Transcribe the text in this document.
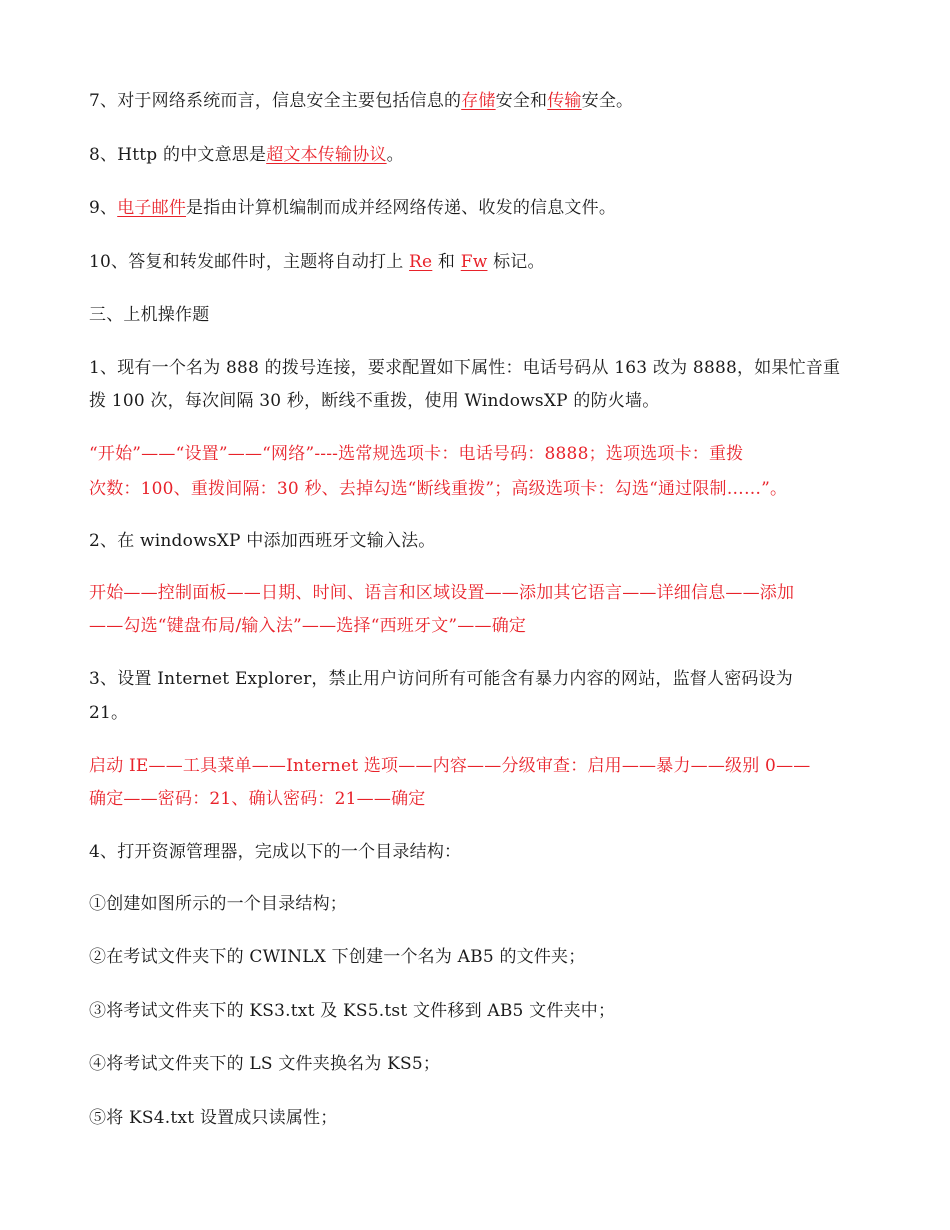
7、对于网络系统而言，信息安全主要包括信息的存储安全和传输安全。
8、Http 的中文意思是超文本传输协议。
9、电子邮件是指由计算机编制而成并经网络传递、收发的信息文件。
10、答复和转发邮件时，主题将自动打上 Re 和 Fw 标记。
三、上机操作题
1、现有一个名为 888 的拨号连接，要求配置如下属性：电话号码从 163 改为 8888，如果忙音重
拨 100 次，每次间隔 30 秒，断线不重拨，使用 WindowsXP 的防火墙。
“开始”——“设置”——“网络”----选常规选项卡：电话号码：8888；选项选项卡：重拨
次数：100、重拨间隔：30 秒、去掉勾选“断线重拨”；高级选项卡：勾选“通过限制……”。
2、在 windowsXP 中添加西班牙文输入法。
开始——控制面板——日期、时间、语言和区域设置——添加其它语言——详细信息——添加
——勾选“键盘布局/输入法”——选择“西班牙文”——确定
3、设置 Internet Explorer，禁止用户访问所有可能含有暴力内容的网站，监督人密码设为
21。
启动 IE——工具菜单——Internet 选项——内容——分级审查：启用——暴力——级别 0——
确定——密码：21、确认密码：21——确定
4、打开资源管理器，完成以下的一个目录结构：
①创建如图所示的一个目录结构；
②在考试文件夹下的 CWINLX 下创建一个名为 AB5 的文件夹；
③将考试文件夹下的 KS3.txt 及 KS5.tst 文件移到 AB5 文件夹中；
④将考试文件夹下的 LS 文件夹换名为 KS5；
⑤将 KS4.txt 设置成只读属性；
